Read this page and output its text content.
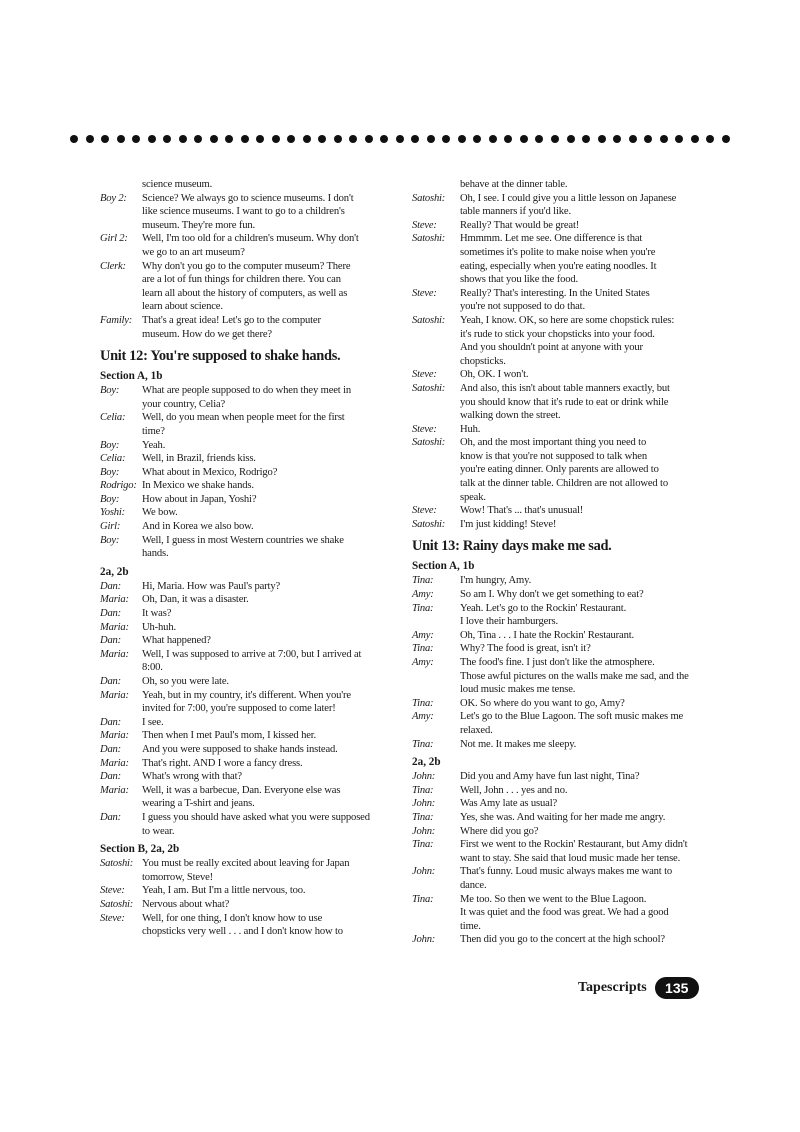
science museum.
Boy 2:	Science? We always go to science museums. I don't
like science museums. I want to go to a children's
museum. They're more fun.
Girl 2:	Well, I'm too old for a children's museum. Why don't
we go to an art museum?
Clerk:	Why don't you go to the computer museum? There
are a lot of fun things for children there. You can
learn all about the history of computers, as well as
learn about science.
Family: That's a great idea! Let's go to the computer
museum. How do we get there?
Unit 12: You're supposed to shake hands.
Section A, 1b
Boy:	What are people supposed to do when they meet in
your country, Celia?
Celia:	Well, do you mean when people meet for the first
time?
Boy:	Yeah.
Celia:	Well, in Brazil, friends kiss.
Boy:	What about in Mexico, Rodrigo?
Rodrigo: In Mexico we shake hands.
Boy:	How about in Japan, Yoshi?
Yoshi:	We bow.
Girl:	And in Korea we also bow.
Boy:	Well, I guess in most Western countries we shake
hands.
2a, 2b
Dan:	Hi, Maria. How was Paul's party?
Maria:	Oh, Dan, it was a disaster.
Dan:	It was?
Maria:	Uh-huh.
Dan:	What happened?
Maria:	Well, I was supposed to arrive at 7:00, but I arrived at
8:00.
Dan:	Oh, so you were late.
Maria:	Yeah, but in my country, it's different. When you're
invited for 7:00, you're supposed to come later!
Dan:	I see.
Maria:	Then when I met Paul's mom, I kissed her.
Dan:	And you were supposed to shake hands instead.
Maria:	That's right. AND I wore a fancy dress.
Dan:	What's wrong with that?
Maria:	Well, it was a barbecue, Dan. Everyone else was
wearing a T-shirt and jeans.
Dan:	I guess you should have asked what you were supposed
to wear.
Section B, 2a, 2b
Satoshi: You must be really excited about leaving for Japan
tomorrow, Steve!
Steve:	Yeah, I am. But I'm a little nervous, too.
Satoshi: Nervous about what?
Steve:	Well, for one thing, I don't know how to use
chopsticks very well . . . and I don't know how to
behave at the dinner table.
Satoshi:	Oh, I see. I could give you a little lesson on Japanese
table manners if you'd like.
Steve:	Really? That would be great!
Satoshi:	Hmmmm. Let me see. One difference is that
sometimes it's polite to make noise when you're
eating, especially when you're eating noodles. It
shows that you like the food.
Steve:	Really? That's interesting. In the United States
you're not supposed to do that.
Satoshi:	Yeah, I know. OK, so here are some chopstick rules:
it's rude to stick your chopsticks into your food.
And you shouldn't point at anyone with your
chopsticks.
Steve:	Oh, OK. I won't.
Satoshi:	And also, this isn't about table manners exactly, but
you should know that it's rude to eat or drink while
walking down the street.
Steve:	Huh.
Satoshi:	Oh, and the most important thing you need to
know is that you're not supposed to talk when
you're eating dinner. Only parents are allowed to
talk at the dinner table. Children are not allowed to
speak.
Steve:	Wow! That's ... that's unusual!
Satoshi:	I'm just kidding! Steve!
Unit 13: Rainy days make me sad.
Section A, 1b
Tina:	I'm hungry, Amy.
Amy:	So am I. Why don't we get something to eat?
Tina:	Yeah. Let's go to the Rockin' Restaurant.
I love their hamburgers.
Amy:	Oh, Tina . . . I hate the Rockin' Restaurant.
Tina:	Why? The food is great, isn't it?
Amy:	The food's fine. I just don't like the atmosphere.
Those awful pictures on the walls make me sad, and the
loud music makes me tense.
Tina:	OK. So where do you want to go, Amy?
Amy:	Let's go to the Blue Lagoon. The soft music makes me
relaxed.
Tina:	Not me. It makes me sleepy.
2a, 2b
John:	Did you and Amy have fun last night, Tina?
Tina:	Well, John . . . yes and no.
John:	Was Amy late as usual?
Tina:	Yes, she was. And waiting for her made me angry.
John:	Where did you go?
Tina:	First we went to the Rockin' Restaurant, but Amy didn't
want to stay. She said that loud music made her tense.
John:	That's funny. Loud music always makes me want to
dance.
Tina:	Me too. So then we went to the Blue Lagoon.
It was quiet and the food was great. We had a good
time.
John:	Then did you go to the concert at the high school?
Tapescripts	135
